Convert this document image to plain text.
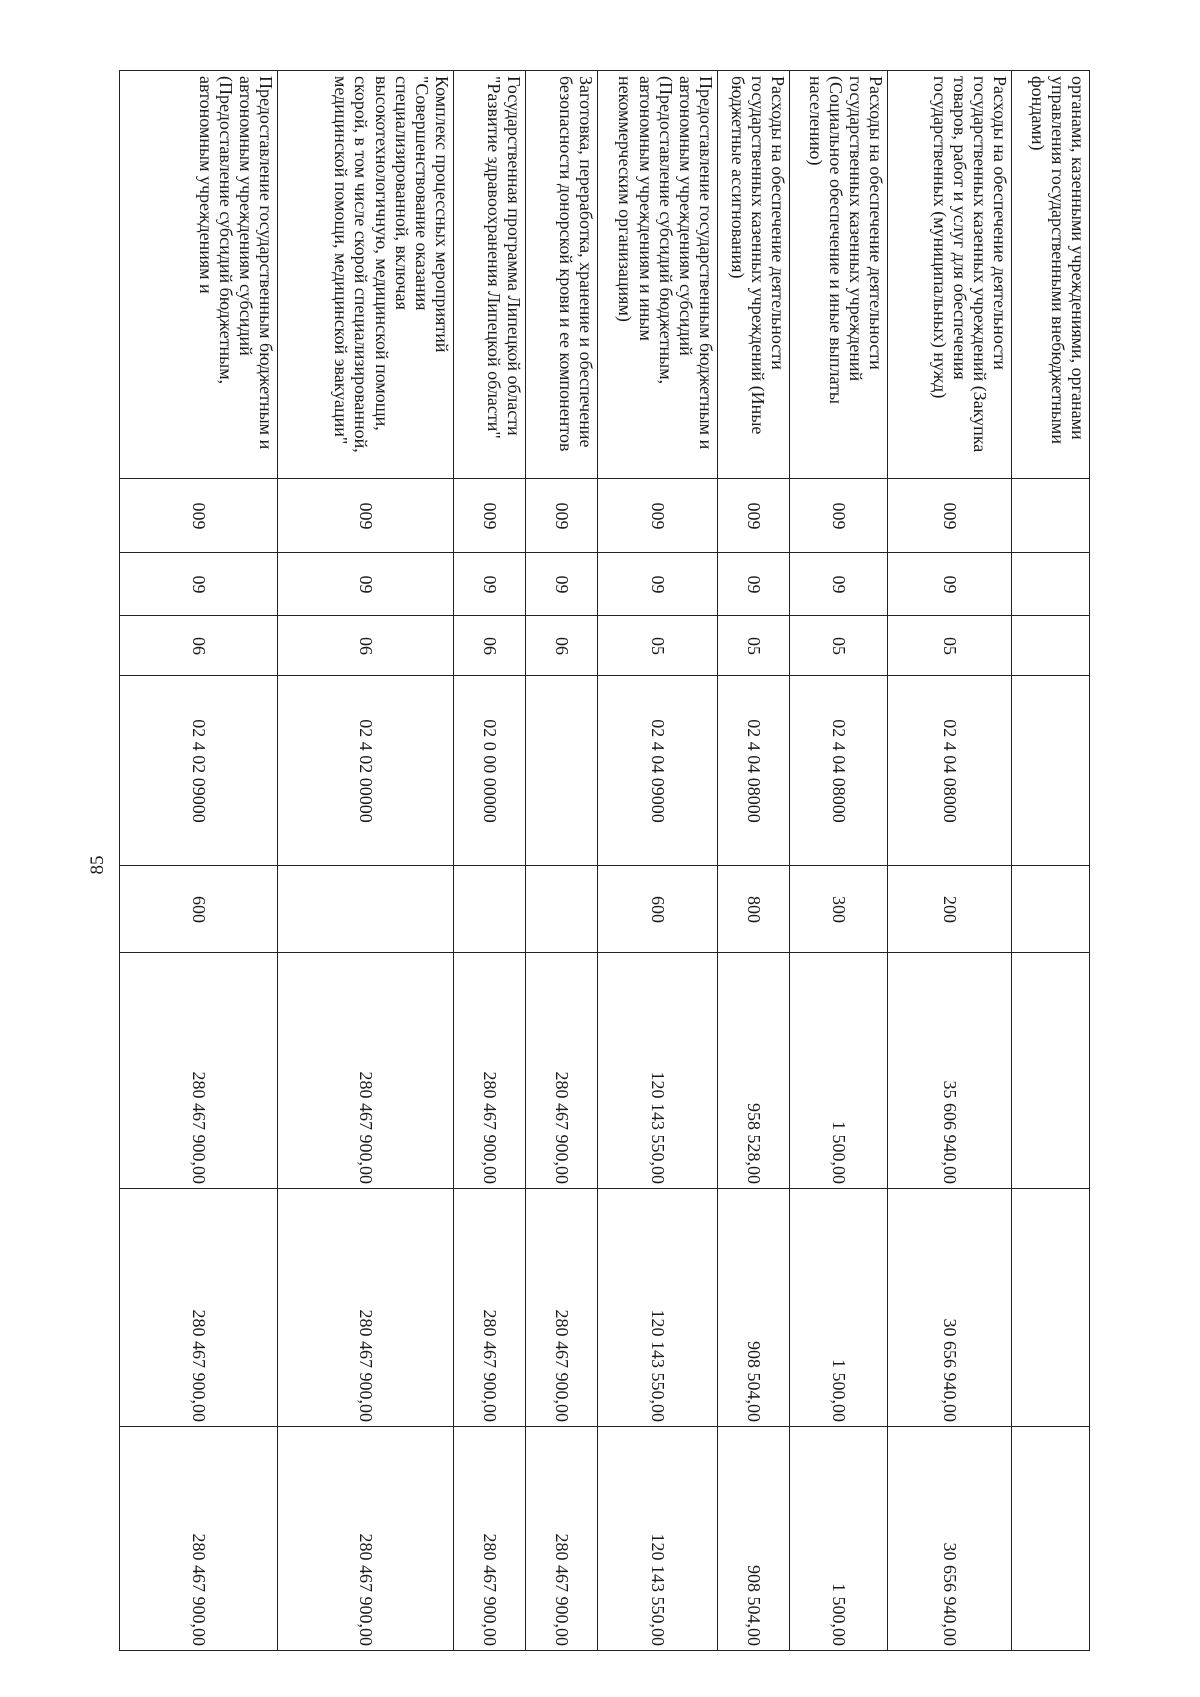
85
органами, казенными учреждениями, органами управления государственными внебюджетными фондами)								
Расходы на обеспечение деятельности государственных казенных учреждений (Закупка товаров, работ и услуг для обеспечения государственных (муниципальных) нужд)	009	09	05	02 4 04 08000	200	35 606 940,00	30 656 940,00	30 656 940,00
Расходы на обеспечение деятельности государственных казенных учреждений (Социальное обеспечение и иные выплаты населению)	009	09	05	02 4 04 08000	300	1 500,00	1 500,00	1 500,00
Расходы на обеспечение деятельности государственных казенных учреждений (Иные бюджетные ассигнования)	009	09	05	02 4 04 08000	800	958 528,00	908 504,00	908 504,00
Предоставление государственным бюджетным и автономным учреждениям субсидий (Предоставление субсидий бюджетным, автономным учреждениям и иным некоммерческим организациям)	009	09	05	02 4 04 09000	600	120 143 550,00	120 143 550,00	120 143 550,00
Заготовка, переработка, хранение и обеспечение безопасности донорской крови и ее компонентов	009	09	06			280 467 900,00	280 467 900,00	280 467 900,00
Государственная программа Липецкой области "Развитие здравоохранения Липецкой области"	009	09	06	02 0 00 00000		280 467 900,00	280 467 900,00	280 467 900,00
Комплекс процессных мероприятий "Совершенствование оказания специализированной, включая высокотехнологичную, медицинской помощи, скорой, в том числе скорой специализированной, медицинской помощи, медицинской эвакуации"	009	09	06	02 4 02 00000		280 467 900,00	280 467 900,00	280 467 900,00
Предоставление государственным бюджетным и автономным учреждениям субсидий (Предоставление субсидий бюджетным, автономным учреждениям и	009	09	06	02 4 02 09000	600	280 467 900,00	280 467 900,00	280 467 900,00
